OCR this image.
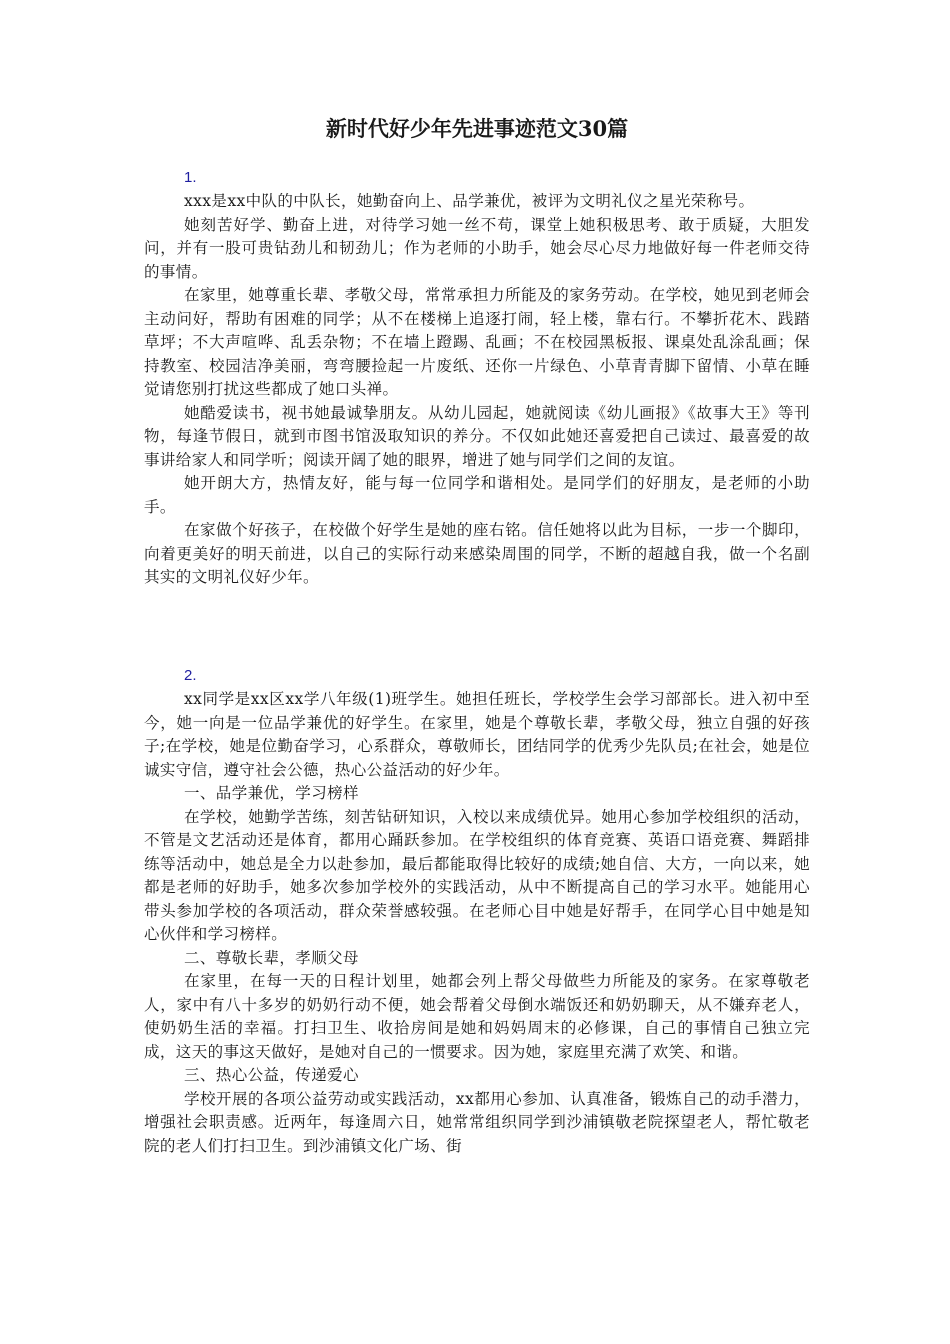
新时代好少年先进事迹范文30篇
1.

xxx是xx中队的中队长，她勤奋向上、品学兼优，被评为文明礼仪之星光荣称号。

她刻苦好学、勤奋上进，对待学习她一丝不苟，课堂上她积极思考、敢于质疑，大胆发问，并有一股可贵钻劲儿和韧劲儿；作为老师的小助手，她会尽心尽力地做好每一件老师交待的事情。

在家里，她尊重长辈、孝敬父母，常常承担力所能及的家务劳动。在学校，她见到老师会主动问好，帮助有困难的同学；从不在楼梯上追逐打闹，轻上楼，靠右行。不攀折花木、践踏草坪；不大声喧哗、乱丢杂物；不在墙上蹬踢、乱画；不在校园黑板报、课桌处乱涂乱画；保持教室、校园洁净美丽，弯弯腰捡起一片废纸、还你一片绿色、小草青青脚下留情、小草在睡觉请您别打扰这些都成了她口头禅。

她酷爱读书，视书她最诚挚朋友。从幼儿园起，她就阅读《幼儿画报》《故事大王》等刊物，每逢节假日，就到市图书馆汲取知识的养分。不仅如此她还喜爱把自己读过、最喜爱的故事讲给家人和同学听；阅读开阔了她的眼界，增进了她与同学们之间的友谊。

她开朗大方，热情友好，能与每一位同学和谐相处。是同学们的好朋友，是老师的小助手。

在家做个好孩子，在校做个好学生是她的座右铭。信任她将以此为目标，一步一个脚印，向着更美好的明天前进，以自己的实际行动来感染周围的同学，不断的超越自我，做一个名副其实的文明礼仪好少年。

2.

xx同学是xx区xx学八年级(1)班学生。她担任班长，学校学生会学习部部长。进入初中至今，她一向是一位品学兼优的好学生。在家里，她是个尊敬长辈，孝敬父母，独立自强的好孩子;在学校，她是位勤奋学习，心系群众，尊敬师长，团结同学的优秀少先队员;在社会，她是位诚实守信，遵守社会公德，热心公益活动的好少年。

一、品学兼优，学习榜样

在学校，她勤学苦练，刻苦钻研知识，入校以来成绩优异。她用心参加学校组织的活动，不管是文艺活动还是体育，都用心踊跃参加。在学校组织的体育竞赛、英语口语竞赛、舞蹈排练等活动中，她总是全力以赴参加，最后都能取得比较好的成绩;她自信、大方，一向以来，她都是老师的好助手，她多次参加学校外的实践活动，从中不断提高自己的学习水平。她能用心带头参加学校的各项活动，群众荣誉感较强。在老师心目中她是好帮手，在同学心目中她是知心伙伴和学习榜样。

二、尊敬长辈，孝顺父母

在家里，在每一天的日程计划里，她都会列上帮父母做些力所能及的家务。在家尊敬老人，家中有八十多岁的奶奶行动不便，她会帮着父母倒水端饭还和奶奶聊天，从不嫌弃老人，使奶奶生活的幸福。打扫卫生、收拾房间是她和妈妈周末的必修课，自己的事情自己独立完成，这天的事这天做好，是她对自己的一惯要求。因为她，家庭里充满了欢笑、和谐。

三、热心公益，传递爱心

学校开展的各项公益劳动或实践活动，xx都用心参加、认真准备，锻炼自己的动手潜力，增强社会职责感。近两年，每逢周六日，她常常组织同学到沙浦镇敬老院探望老人，帮忙敬老院的老人们打扫卫生。到沙浦镇文化广场、街
